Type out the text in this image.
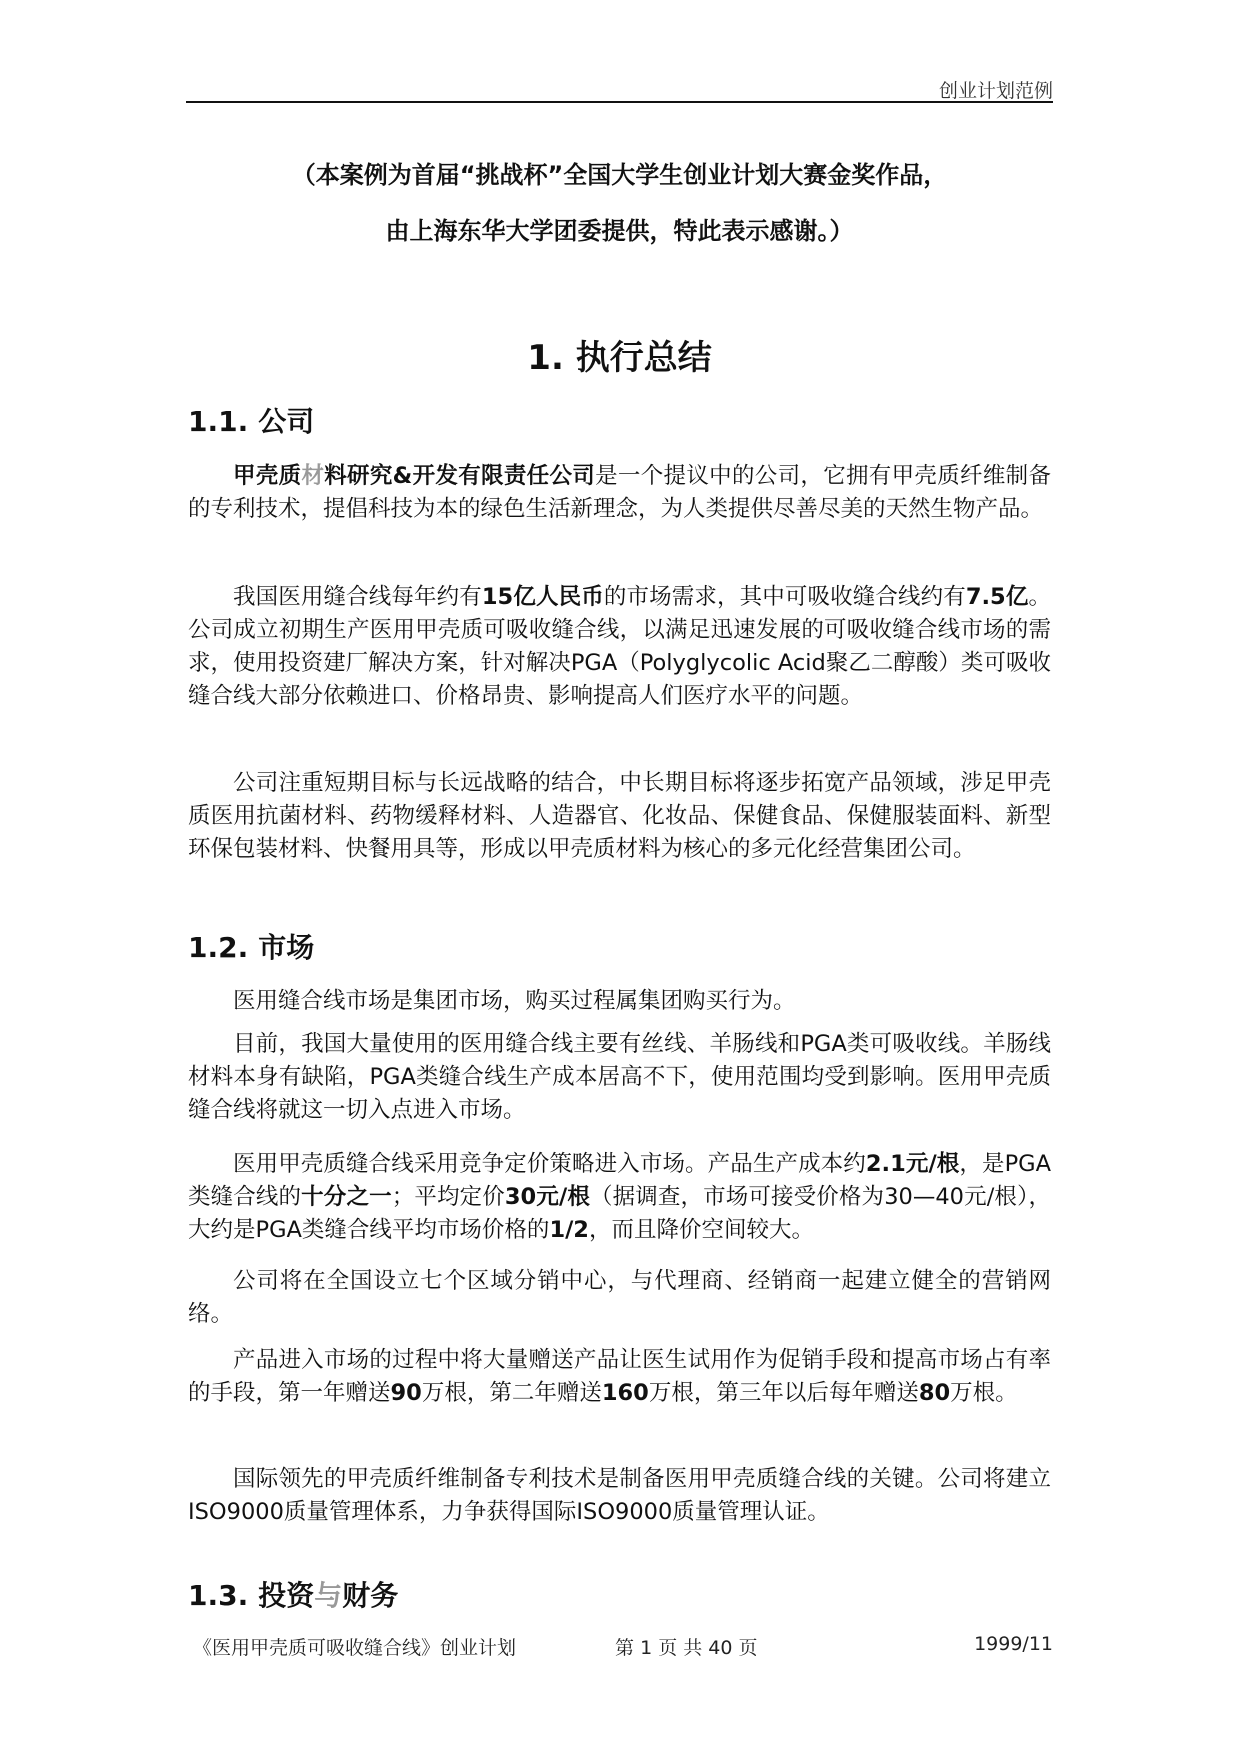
创业计划范例
（本案例为首届“挑战杯”全国大学生创业计划大赛金奖作品，
由上海东华大学团委提供，特此表示感谢。）
1. 执行总结
1.1. 公司

甲壳质材料研究&开发有限责任公司是一个提议中的公司，它拥有甲壳质纤维制备的专利技术，提倡科技为本的绿色生活新理念，为人类提供尽善尽美的天然生物产品。

我国医用缝合线每年约有15亿人民币的市场需求，其中可吸收缝合线约有7.5亿。公司成立初期生产医用甲壳质可吸收缝合线，以满足迅速发展的可吸收缝合线市场的需求，使用投资建厂解决方案，针对解决PGA（Polyglycolic Acid聚乙二醇酸）类可吸收缝合线大部分依赖进口、价格昂贵、影响提高人们医疗水平的问题。

公司注重短期目标与长远战略的结合，中长期目标将逐步拓宽产品领域，涉足甲壳质医用抗菌材料、药物缓释材料、人造器官、化妆品、保健食品、保健服装面料、新型环保包装材料、快餐用具等，形成以甲壳质材料为核心的多元化经营集团公司。

1.2. 市场

医用缝合线市场是集团市场，购买过程属集团购买行为。

目前，我国大量使用的医用缝合线主要有丝线、羊肠线和PGA类可吸收线。羊肠线材料本身有缺陷，PGA类缝合线生产成本居高不下，使用范围均受到影响。医用甲壳质缝合线将就这一切入点进入市场。

医用甲壳质缝合线采用竞争定价策略进入市场。产品生产成本约2.1元/根，是PGA类缝合线的十分之一；平均定价30元/根（据调查，市场可接受价格为30—40元/根），大约是PGA类缝合线平均市场价格的1/2，而且降价空间较大。

公司将在全国设立七个区域分销中心，与代理商、经销商一起建立健全的营销网络。

产品进入市场的过程中将大量赠送产品让医生试用作为促销手段和提高市场占有率的手段，第一年赠送90万根，第二年赠送160万根，第三年以后每年赠送80万根。

国际领先的甲壳质纤维制备专利技术是制备医用甲壳质缝合线的关键。公司将建立ISO9000质量管理体系，力争获得国际ISO9000质量管理认证。

1.3. 投资与财务
《医用甲壳质可吸收缝合线》创业计划	第 1 页 共 40 页	1999/11
